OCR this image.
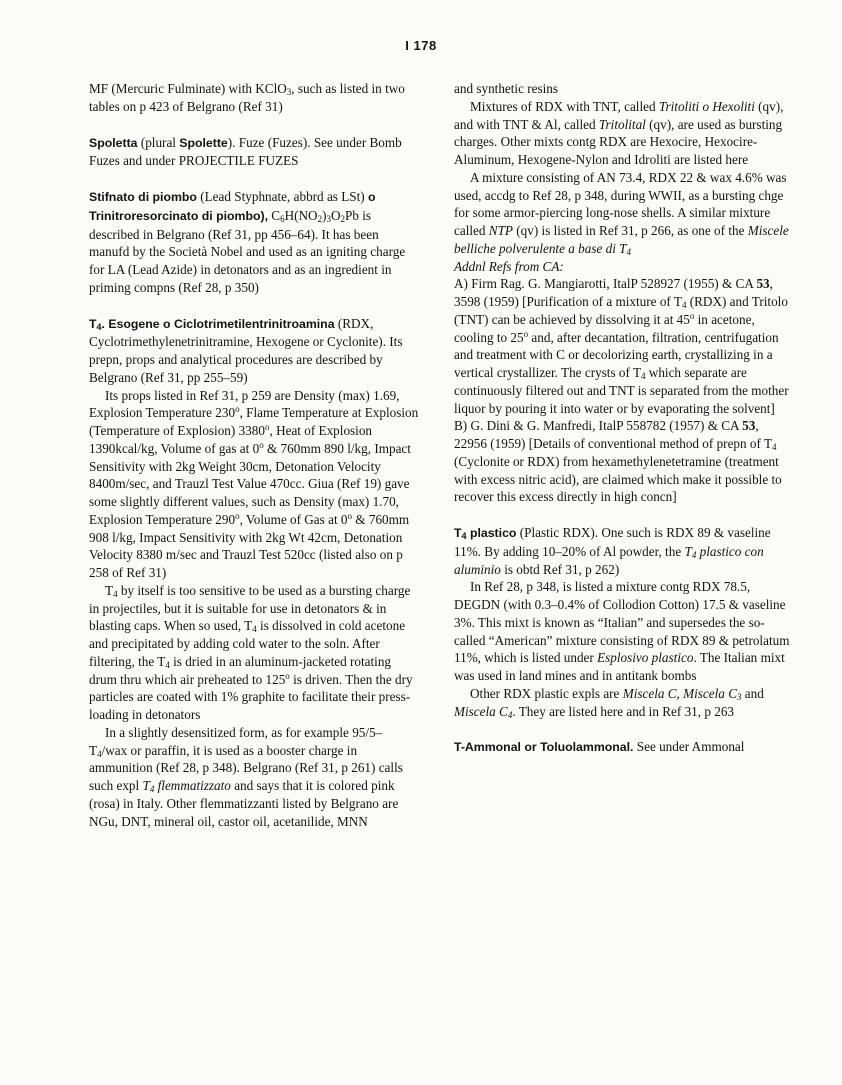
I 178

MF (Mercuric Fulminate) with KClO$_3$, such as listed in two tables on p 423 of Belgrano (Ref 31)

Spoletta (plural Spolette). Fuze (Fuzes). See under Bomb Fuzes and under PROJECTILE FUZES

Stifnato di piombo (Lead Styphnate, abbrd as LSt) o Trinitroresorcinato di piombo), $C_6H(NO_2)_3O_2Pb$ is described in Belgrano (Ref 31, pp 456–64). It has been manufd by the Società Nobel and used as an igniting charge for LA (Lead Azide) in detonators and as an ingredient in priming compns (Ref 28, p 350)

$T_4$. Esogene o Ciclotrimetilentrinitroamina (RDX, Cyclotrimethylenetrinitramine, Hexogene or Cyclonite). Its prepn, props and analytical procedures are described by Belgrano (Ref 31, pp 255–59)

Its props listed in Ref 31, p 259 are Density (max) 1.69, Explosion Temperature 230$^o$, Flame Temperature at Explosion (Temperature of Explosion) 3380$^o$, Heat of Explosion 1390kcal/kg, Volume of gas at 0$^o$ & 760mm 890 l/kg, Impact Sensitivity with 2kg Weight 30cm, Detonation Velocity 8400m/sec, and Trauzl Test Value 470cc. Giua (Ref 19) gave some slightly different values, such as Density (max) 1.70, Explosion Temperature 290$^o$, Volume of Gas at 0$^o$ & 760mm 908 l/kg, Impact Sensitivity with 2kg Wt 42cm, Detonation Velocity 8380 m/sec and Trauzl Test 520cc (listed also on p 258 of Ref 31)

$T_4$ by itself is too sensitive to be used as a bursting charge in projectiles, but it is suitable for use in detonators & in blasting caps. When so used, $T_4$ is dissolved in cold acetone and precipitated by adding cold water to the soln. After filtering, the $T_4$ is dried in an aluminum-jacketed rotating drum thru which air preheated to 125$^o$ is driven. Then the dry particles are coated with 1% graphite to facilitate their press-loading in detonators

In a slightly desensitized form, as for example $95/5-T_4$/wax or paraffin, it is used as a booster charge in ammunition (Ref 28, p 348). Belgrano (Ref 31, p 261) calls such expl $T_4$ flemmatizzato and says that it is colored pink (rosa) in Italy. Other flemmatizzanti listed by Belgrano are NGu, DNT, mineral oil, castor oil, acetanilide, MNN

and synthetic resins

Mixtures of RDX with TNT, called Tritoliti o Hexoliti (qv), and with TNT & Al, called Tritolital (qv), are used as bursting charges. Other mixts contg RDX are Hexocire, Hexocire-Aluminum, Hexogene-Nylon and Idroliti are listed here

A mixture consisting of AN 73.4, RDX 22 & wax 4.6% was used, accdg to Ref 28, p 348, during WWII, as a bursting chge for some armor-piercing long-nose shells. A similar mixture called NTP (qv) is listed in Ref 31, p 266, as one of the Miscele belliche polverulente a base di $T_4$

Addnl Refs from CA:

A) Firm Rag. G. Mangiarotti, ItalP 528927 (1955) & CA 53, 3598 (1959) [Purification of a mixture of $T_4$ (RDX) and Tritolo (TNT) can be achieved by dissolving it at 45$^o$ in acetone, cooling to 25$^o$ and, after decantation, filtration, centrifugation and treatment with C or decolorizing earth, crystallizing in a vertical crystallizer. The crysts of $T_4$ which separate are continuously filtered out and TNT is separated from the mother liquor by pouring it into water or by evaporating the solvent]

B) G. Dini & G. Manfredi, ItalP 558782 (1957) & CA 53, 22956 (1959) [Details of conventional method of prepn of $T_4$ (Cyclonite or RDX) from hexamethylenetetramine (treatment with excess nitric acid), are claimed which make it possible to recover this excess directly in high concn]

$T_4$ plastico (Plastic RDX). One such is RDX 89 & vaseline 11%. By adding 10–20% of Al powder, the $T_4$ plastico con aluminio is obtd Ref 31, p 262)

In Ref 28, p 348, is listed a mixture contg RDX 78.5, DEGDN (with 0.3–0.4% of Collodion Cotton) 17.5 & vaseline 3%. This mixt is known as “Italian” and supersedes the so-called “American” mixture consisting of RDX 89 & petrolatum 11%, which is listed under Esplosivo plastico. The Italian mixt was used in land mines and in antitank bombs

Other RDX plastic expls are Miscela C, Miscela $C_3$ and Miscela $C_4$. They are listed here and in Ref 31, p 263

T-Ammonal or Toluolammonal. See under Ammonal
